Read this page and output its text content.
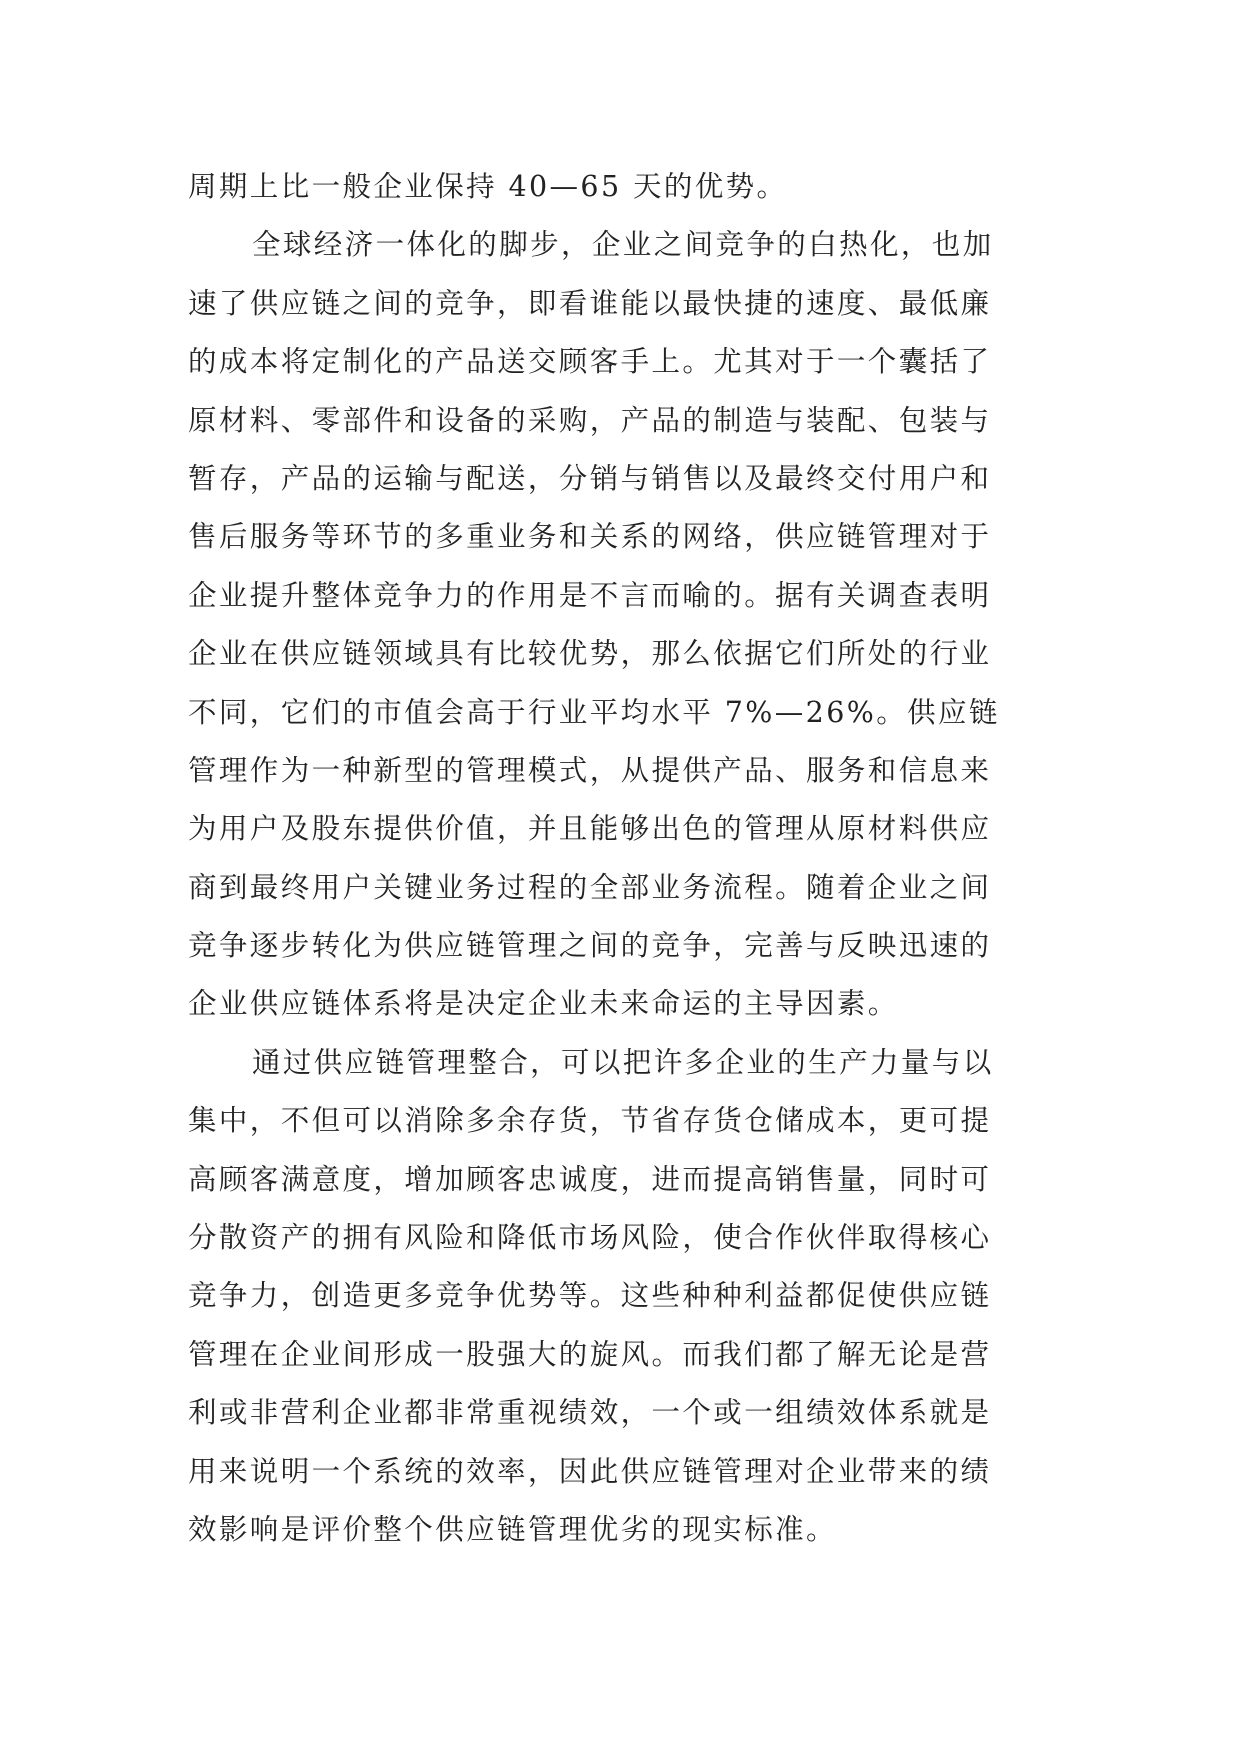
周期上比一般企业保持 40—65 天的优势。
全球经济一体化的脚步，企业之间竞争的白热化，也加
速了供应链之间的竞争，即看谁能以最快捷的速度、最低廉
的成本将定制化的产品送交顾客手上。尤其对于一个囊括了
原材料、零部件和设备的采购，产品的制造与装配、包装与
暂存，产品的运输与配送，分销与销售以及最终交付用户和
售后服务等环节的多重业务和关系的网络，供应链管理对于
企业提升整体竞争力的作用是不言而喻的。据有关调查表明
企业在供应链领域具有比较优势，那么依据它们所处的行业
不同，它们的市值会高于行业平均水平 7%—26%。供应链
管理作为一种新型的管理模式，从提供产品、服务和信息来
为用户及股东提供价值，并且能够出色的管理从原材料供应
商到最终用户关键业务过程的全部业务流程。随着企业之间
竞争逐步转化为供应链管理之间的竞争，完善与反映迅速的
企业供应链体系将是决定企业未来命运的主导因素。
通过供应链管理整合，可以把许多企业的生产力量与以
集中，不但可以消除多余存货，节省存货仓储成本，更可提
高顾客满意度，增加顾客忠诚度，进而提高销售量，同时可
分散资产的拥有风险和降低市场风险，使合作伙伴取得核心
竞争力，创造更多竞争优势等。这些种种利益都促使供应链
管理在企业间形成一股强大的旋风。而我们都了解无论是营
利或非营利企业都非常重视绩效，一个或一组绩效体系就是
用来说明一个系统的效率，因此供应链管理对企业带来的绩
效影响是评价整个供应链管理优劣的现实标准。
